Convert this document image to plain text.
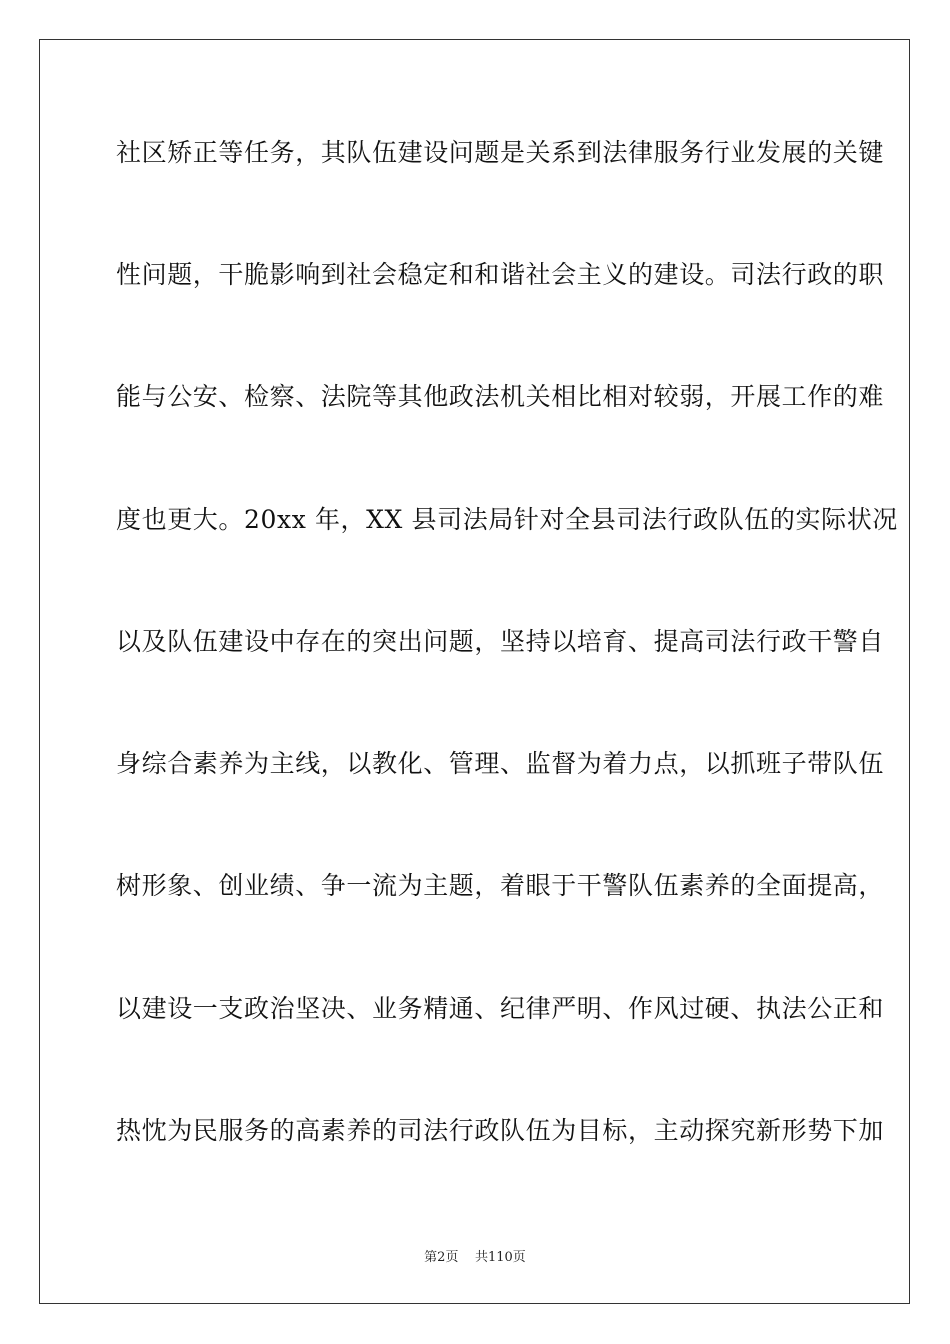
社区矫正等任务，其队伍建设问题是关系到法律服务行业发展的关键
性问题，干脆影响到社会稳定和和谐社会主义的建设。司法行政的职
能与公安、检察、法院等其他政法机关相比相对较弱，开展工作的难
度也更大。20xx 年，XX 县司法局针对全县司法行政队伍的实际状况
以及队伍建设中存在的突出问题，坚持以培育、提高司法行政干警自
身综合素养为主线，以教化、管理、监督为着力点，以抓班子带队伍
树形象、创业绩、争一流为主题，着眼于干警队伍素养的全面提高，
以建设一支政治坚决、业务精通、纪律严明、作风过硬、执法公正和
热忱为民服务的高素养的司法行政队伍为目标，主动探究新形势下加
第2页 共110页
